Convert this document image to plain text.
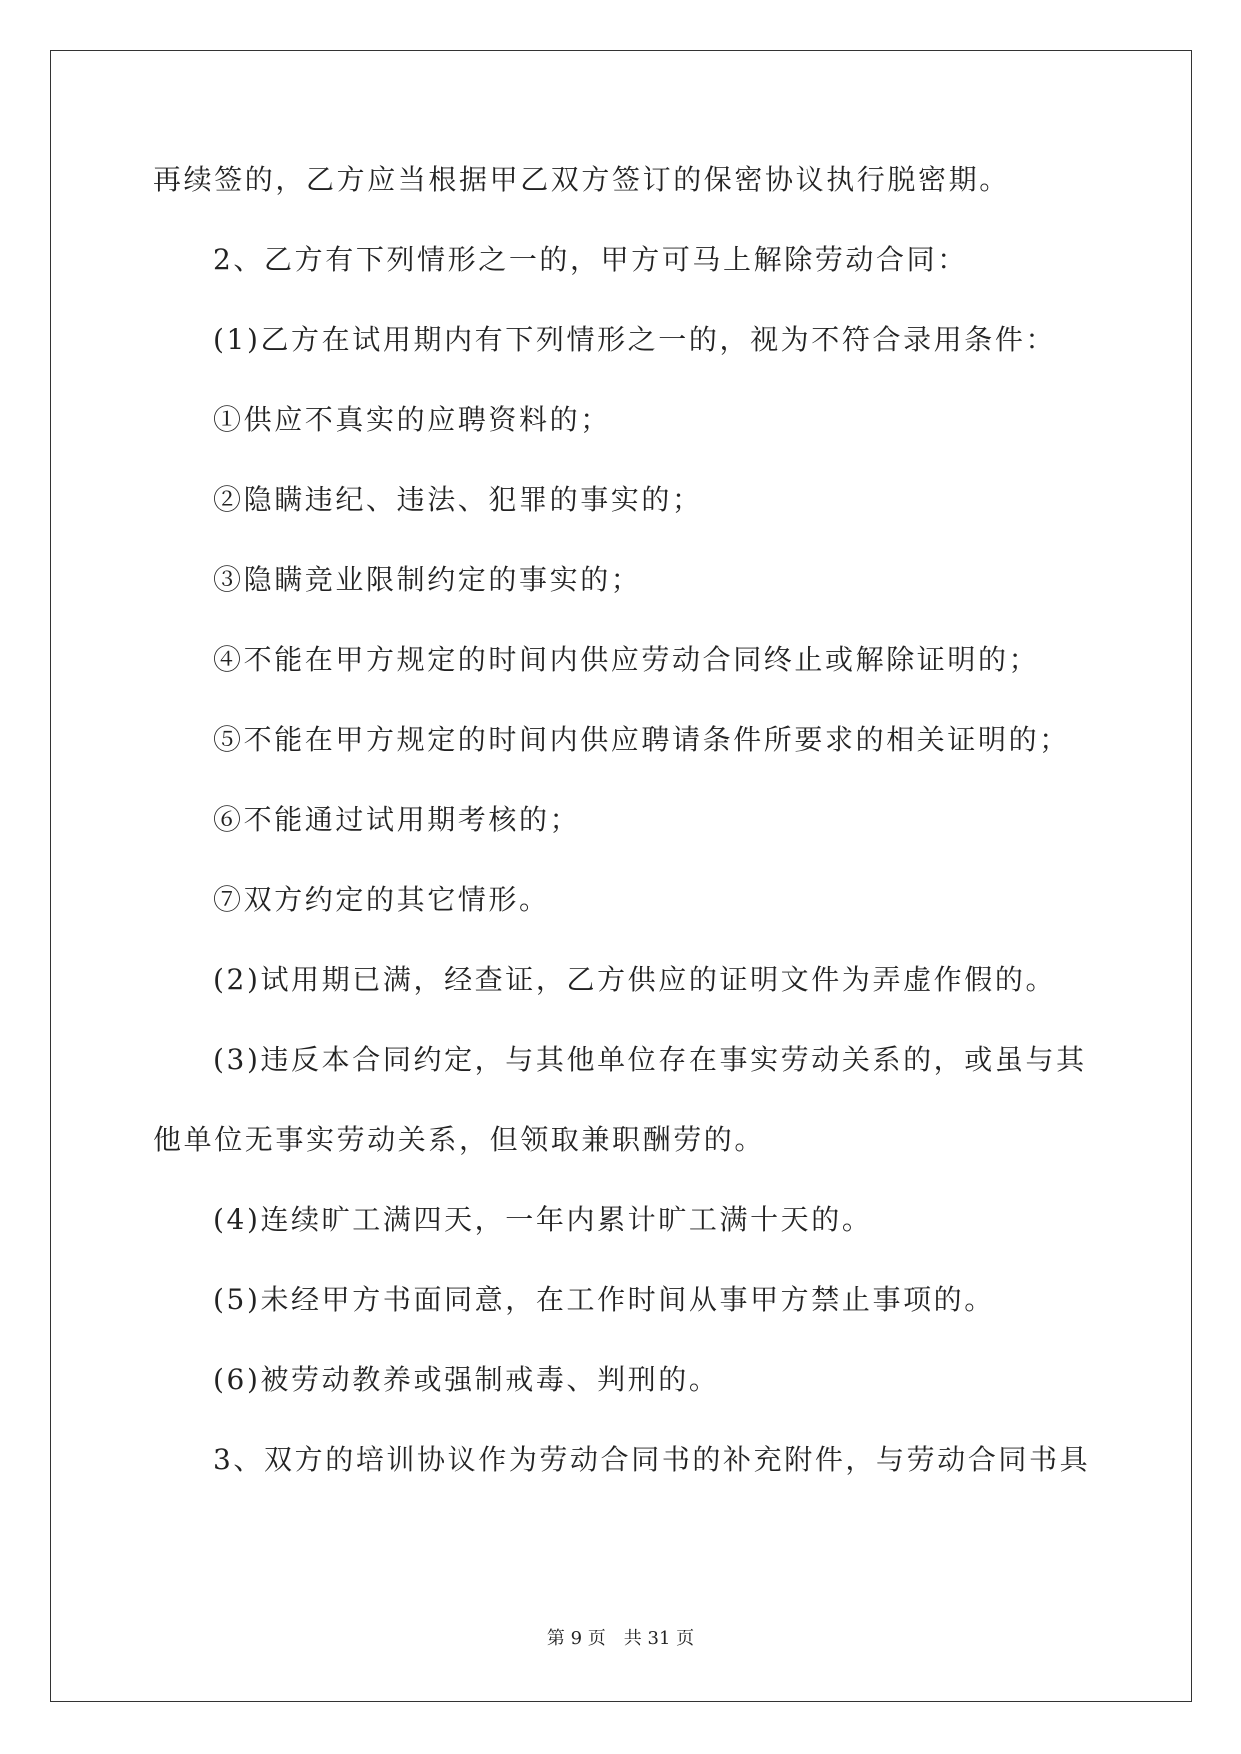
再续签的，乙方应当根据甲乙双方签订的保密协议执行脱密期。
2、乙方有下列情形之一的，甲方可马上解除劳动合同：
(1)乙方在试用期内有下列情形之一的，视为不符合录用条件：
①供应不真实的应聘资料的；
②隐瞒违纪、违法、犯罪的事实的；
③隐瞒竞业限制约定的事实的；
④不能在甲方规定的时间内供应劳动合同终止或解除证明的；
⑤不能在甲方规定的时间内供应聘请条件所要求的相关证明的；
⑥不能通过试用期考核的；
⑦双方约定的其它情形。
(2)试用期已满，经查证，乙方供应的证明文件为弄虚作假的。
(3)违反本合同约定，与其他单位存在事实劳动关系的，或虽与其
他单位无事实劳动关系，但领取兼职酬劳的。
(4)连续旷工满四天，一年内累计旷工满十天的。
(5)未经甲方书面同意，在工作时间从事甲方禁止事项的。
(6)被劳动教养或强制戒毒、判刑的。
3、双方的培训协议作为劳动合同书的补充附件，与劳动合同书具
第 9 页　共 31 页
